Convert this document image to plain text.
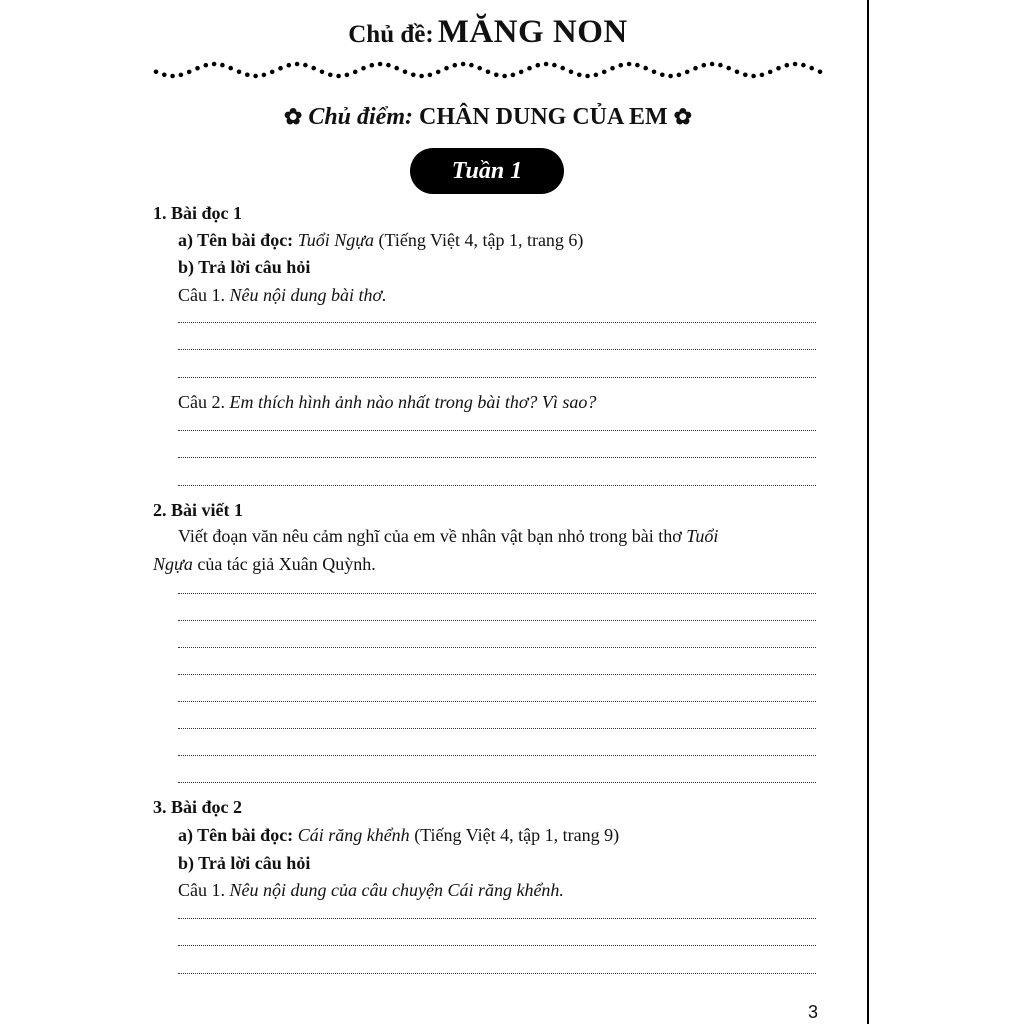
Chủ đề: MĂNG NON
✿ Chủ điểm: CHÂN DUNG CỦA EM ✿
Tuần 1
1. Bài đọc 1
a) Tên bài đọc: Tuổi Ngựa (Tiếng Việt 4, tập 1, trang 6)
b) Trả lời câu hỏi
Câu 1. Nêu nội dung bài thơ.
Câu 2. Em thích hình ảnh nào nhất trong bài thơ? Vì sao?
2. Bài viết 1
Viết đoạn văn nêu cảm nghĩ của em về nhân vật bạn nhỏ trong bài thơ Tuổi
Ngựa của tác giả Xuân Quỳnh.
3. Bài đọc 2
a) Tên bài đọc: Cái răng khểnh (Tiếng Việt 4, tập 1, trang 9)
b) Trả lời câu hỏi
Câu 1. Nêu nội dung của câu chuyện Cái răng khểnh.
3
